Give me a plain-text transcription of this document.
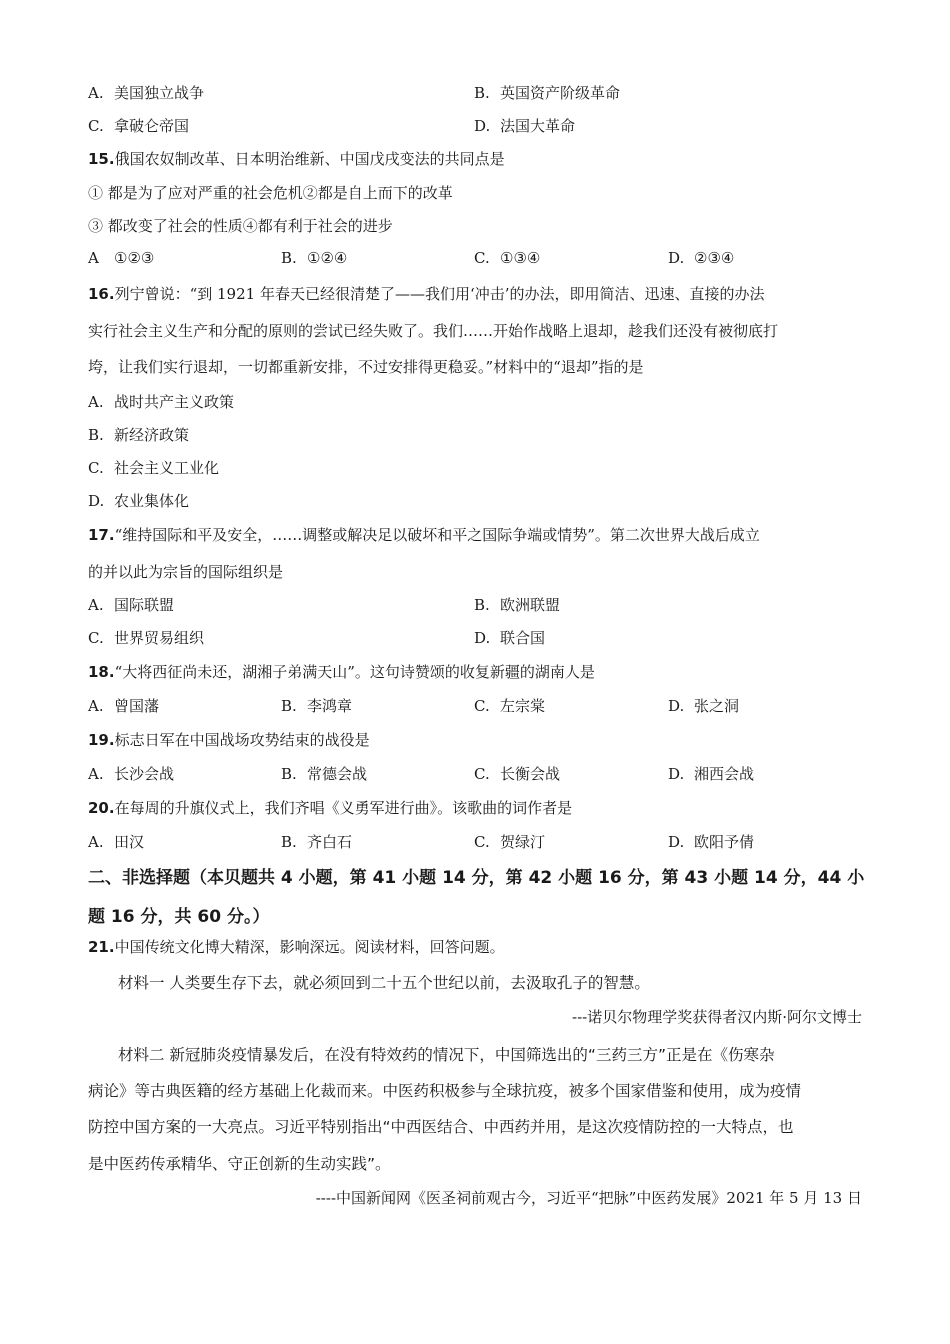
A. 美国独立战争	B. 英国资产阶级革命
C. 拿破仑帝国	D. 法国大革命
15.俄国农奴制改革、日本明治维新、中国戊戌变法的共同点是
① 都是为了应对严重的社会危机②都是自上而下的改革
③ 都改变了社会的性质④都有利于社会的进步
A ①②③	B. ①②④	C. ①③④	D. ②③④
16.列宁曾说：“到 1921 年春天已经很清楚了——我们用‘冲击’的办法，即用简洁、迅速、直接的办法
实行社会主义生产和分配的原则的尝试已经失败了。我们……开始作战略上退却，趁我们还没有被彻底打
垮，让我们实行退却，一切都重新安排，不过安排得更稳妥。”材料中的“退却”指的是
A. 战时共产主义政策
B. 新经济政策
C. 社会主义工业化
D. 农业集体化
17.“维持国际和平及安全，……调整或解决足以破坏和平之国际争端或情势”。第二次世界大战后成立
的并以此为宗旨的国际组织是
A. 国际联盟	B. 欧洲联盟
C. 世界贸易组织	D. 联合国
18.“大将西征尚未还，湖湘子弟满天山”。这句诗赞颂的收复新疆的湖南人是
A. 曾国藩	B. 李鸿章	C. 左宗棠	D. 张之洞
19.标志日军在中国战场攻势结束的战役是
A. 长沙会战	B. 常德会战	C. 长衡会战	D. 湘西会战
20.在每周的升旗仪式上，我们齐唱《义勇军进行曲》。该歌曲的词作者是
A. 田汉	B. 齐白石	C. 贺绿汀	D. 欧阳予倩
二、非选择题（本贝题共 4 小题，第 41 小题 14 分，第 42 小题 16 分，第 43 小题 14 分，44 小
题 16 分，共 60 分。）
21.中国传统文化博大精深，影响深远。阅读材料，回答问题。
材料一 人类要生存下去，就必须回到二十五个世纪以前，去汲取孔子的智慧。
---诺贝尔物理学奖获得者汉内斯·阿尔文博士
材料二 新冠肺炎疫情暴发后，在没有特效药的情况下，中国筛选出的“三药三方”正是在《伤寒杂
病论》等古典医籍的经方基础上化裁而来。中医药积极参与全球抗疫，被多个国家借鉴和使用，成为疫情
防控中国方案的一大亮点。习近平特别指出“中西医结合、中西药并用，是这次疫情防控的一大特点，也
是中医药传承精华、守正创新的生动实践”。
----中国新闻网《医圣祠前观古今，习近平“把脉”中医药发展》2021 年 5 月 13 日
